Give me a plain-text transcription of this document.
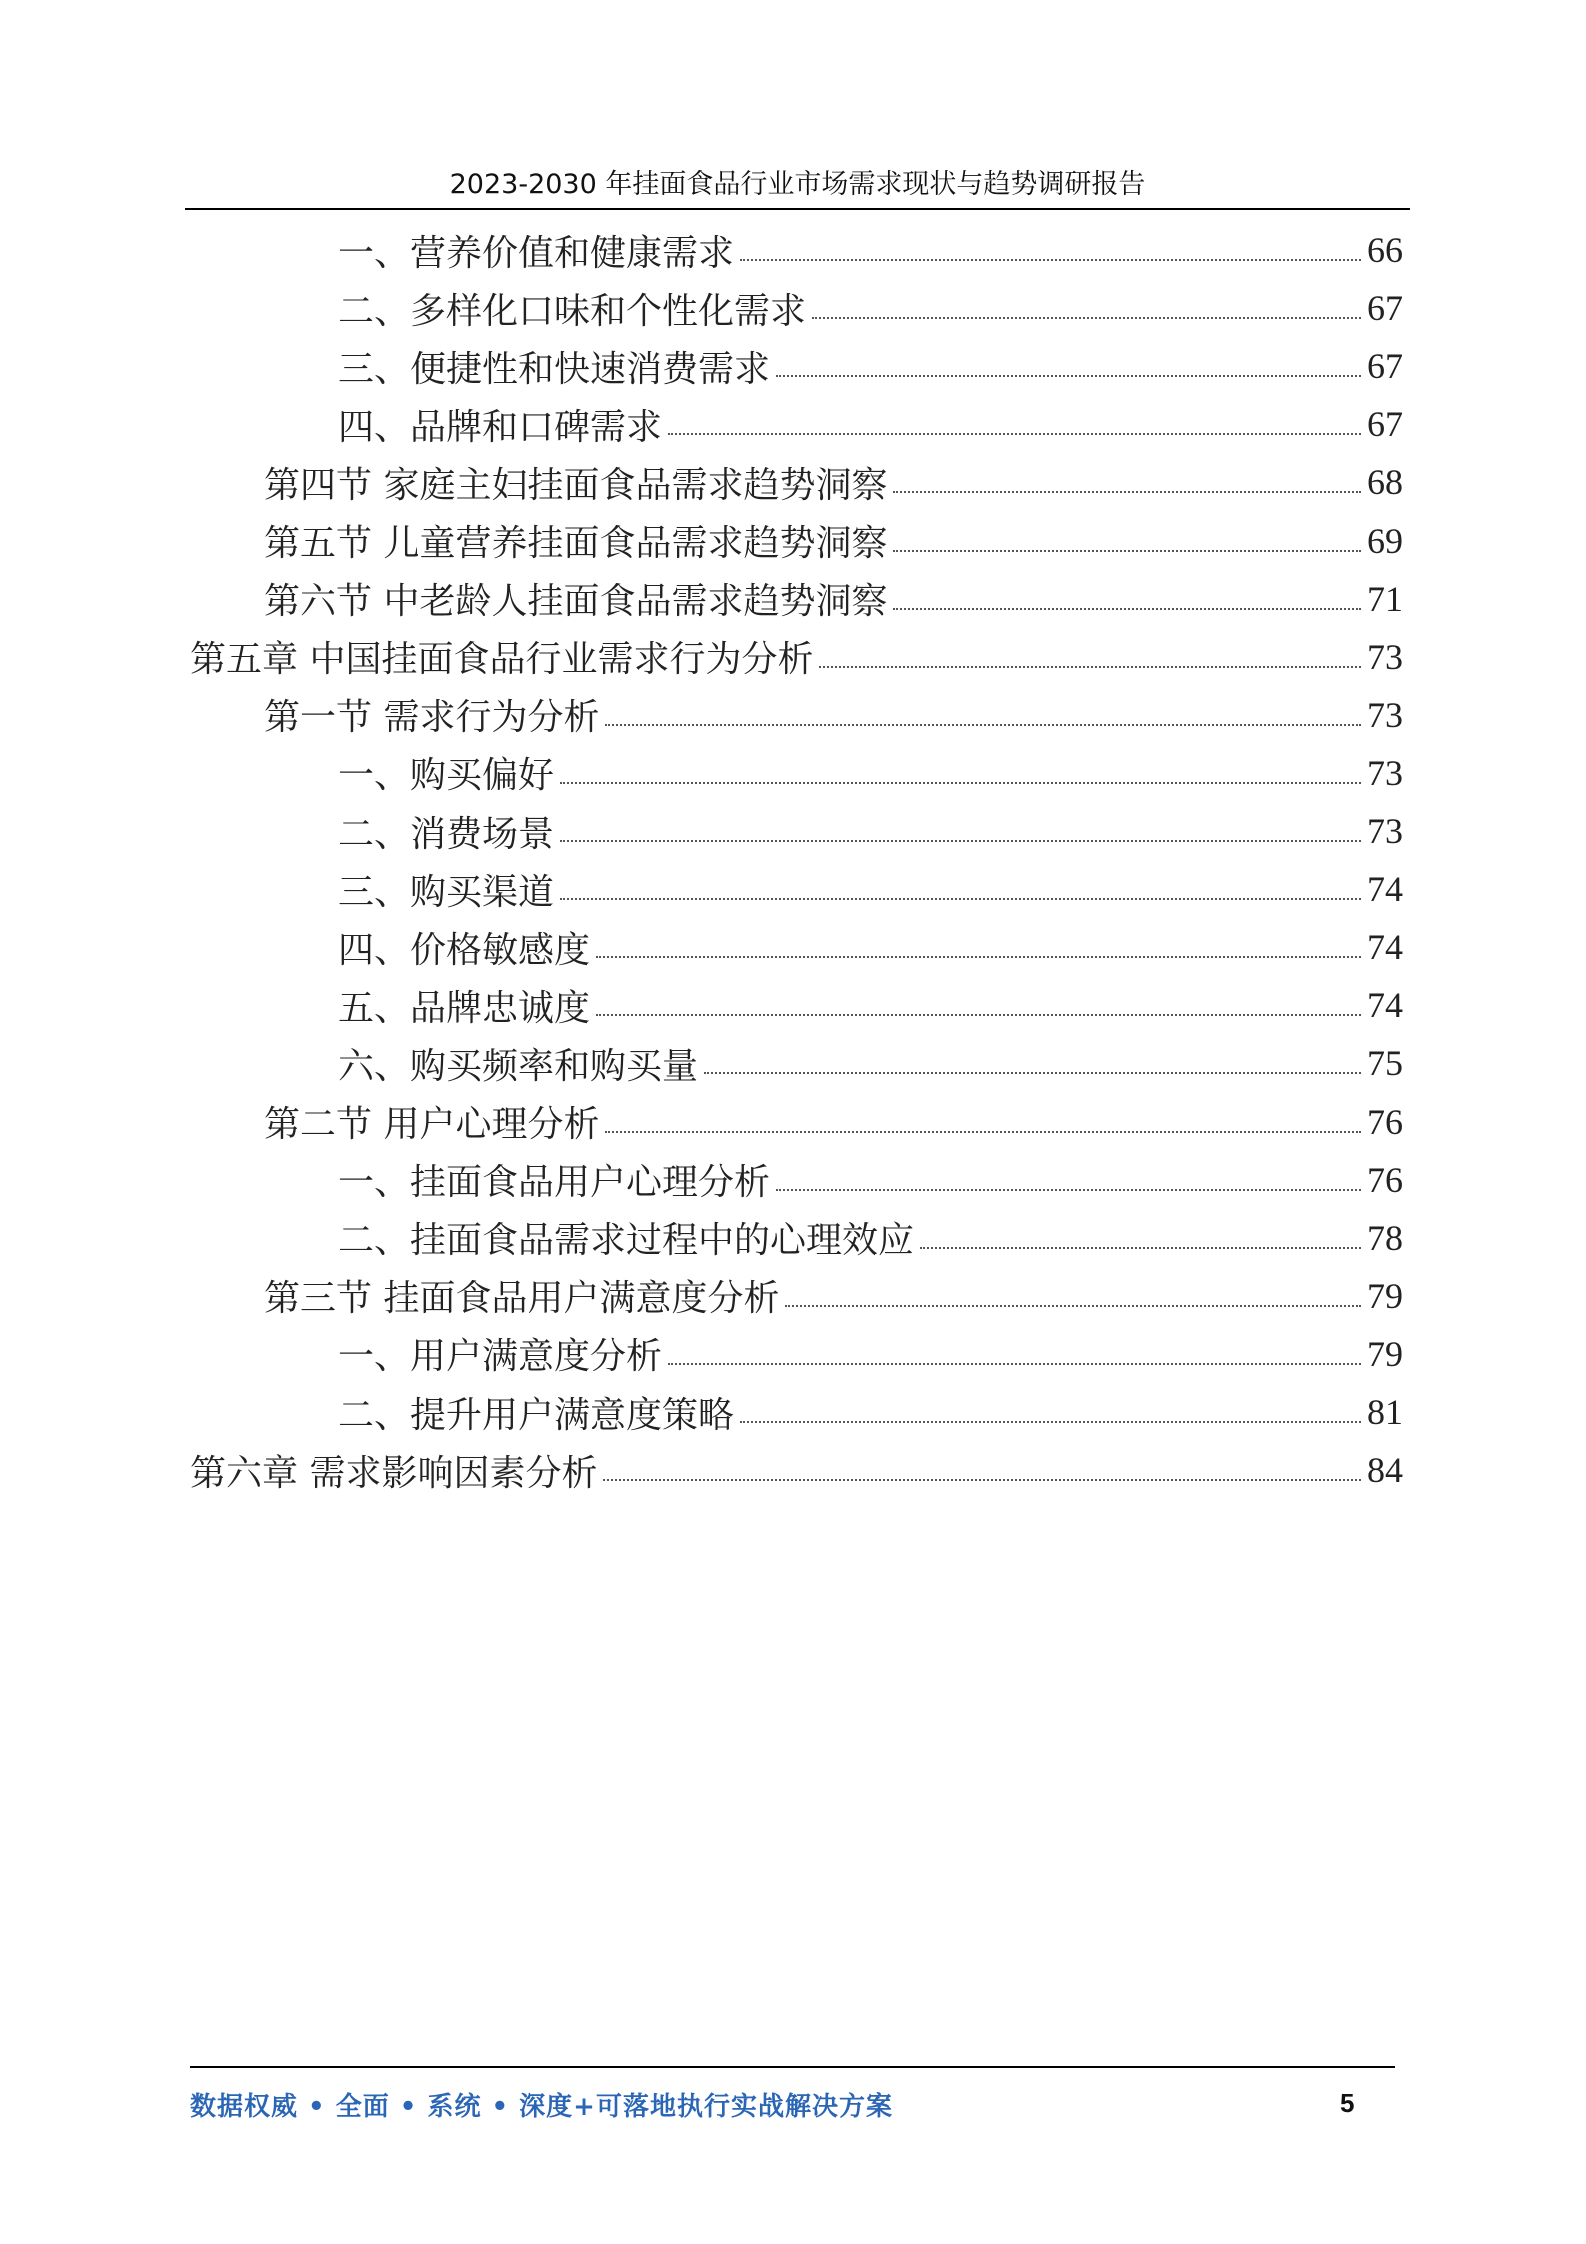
2023-2030 年挂面食品行业市场需求现状与趋势调研报告
一、营养价值和健康需求	66
二、多样化口味和个性化需求	67
三、便捷性和快速消费需求	67
四、品牌和口碑需求	67
第四节 家庭主妇挂面食品需求趋势洞察	68
第五节 儿童营养挂面食品需求趋势洞察	69
第六节 中老龄人挂面食品需求趋势洞察	71
第五章 中国挂面食品行业需求行为分析	73
第一节 需求行为分析	73
一、购买偏好	73
二、消费场景	73
三、购买渠道	74
四、价格敏感度	74
五、品牌忠诚度	74
六、购买频率和购买量	75
第二节 用户心理分析	76
一、挂面食品用户心理分析	76
二、挂面食品需求过程中的心理效应	78
第三节 挂面食品用户满意度分析	79
一、用户满意度分析	79
二、提升用户满意度策略	81
第六章 需求影响因素分析	84
数据权威 • 全面 • 系统 • 深度+可落地执行实战解决方案	5
